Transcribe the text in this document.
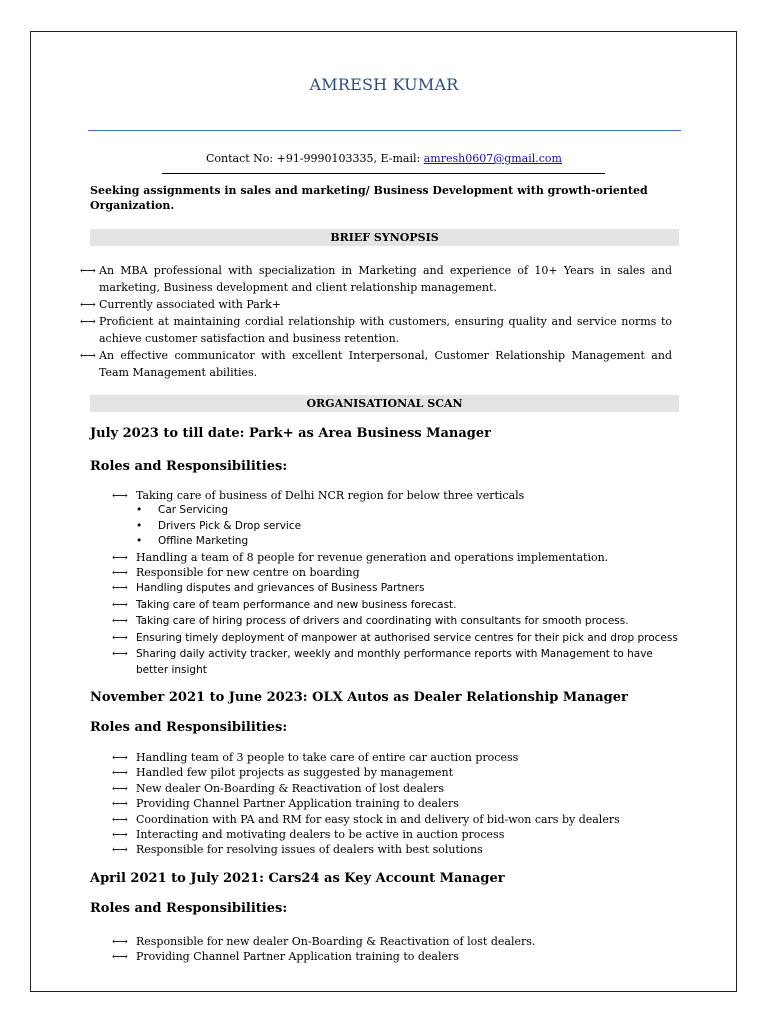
AMRESH KUMAR
Contact No: +91-9990103335, E-mail: amresh0607@gmail.com
Seeking assignments in sales and marketing/ Business Development with growth-oriented Organization.
BRIEF SYNOPSIS
⟷ An MBA professional with specialization in Marketing and experience of 10+ Years in sales and marketing, Business development and client relationship management.
⟷ Currently associated with Park+
⟷ Proficient at maintaining cordial relationship with customers, ensuring quality and service norms to achieve customer satisfaction and business retention.
⟷ An effective communicator with excellent Interpersonal, Customer Relationship Management and Team Management abilities.
ORGANISATIONAL SCAN
July 2023 to till date: Park+ as Area Business Manager
Roles and Responsibilities:
⟷ Taking care of business of Delhi NCR region for below three verticals
• Car Servicing
• Drivers Pick & Drop service
• Offline Marketing
⟷ Handling a team of 8 people for revenue generation and operations implementation.
⟷ Responsible for new centre on boarding
⟷ Handling disputes and grievances of Business Partners
⟷ Taking care of team performance and new business forecast.
⟷ Taking care of hiring process of drivers and coordinating with consultants for smooth process.
⟷ Ensuring timely deployment of manpower at authorised service centres for their pick and drop process
⟷ Sharing daily activity tracker, weekly and monthly performance reports with Management to have better insight
November 2021 to June 2023: OLX Autos as Dealer Relationship Manager
Roles and Responsibilities:
⟷ Handling team of 3 people to take care of entire car auction process
⟷ Handled few pilot projects as suggested by management
⟷ New dealer On-Boarding & Reactivation of lost dealers
⟷ Providing Channel Partner Application training to dealers
⟷ Coordination with PA and RM for easy stock in and delivery of bid-won cars by dealers
⟷ Interacting and motivating dealers to be active in auction process
⟷ Responsible for resolving issues of dealers with best solutions
April 2021 to July 2021: Cars24 as Key Account Manager
Roles and Responsibilities:
⟷ Responsible for new dealer On-Boarding & Reactivation of lost dealers.
⟷ Providing Channel Partner Application training to dealers
